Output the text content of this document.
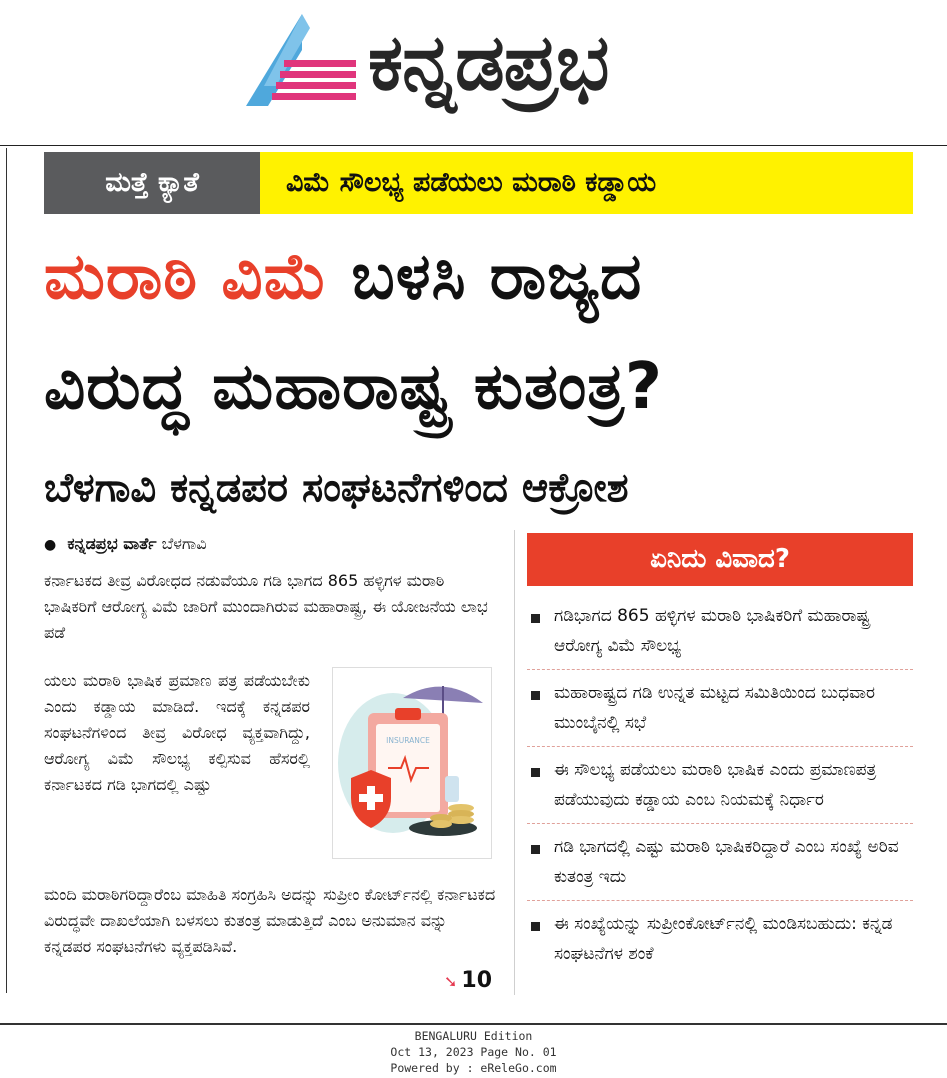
ಕನ್ನಡಪ್ರಭ
ಮತ್ತೆ ಕ್ಯಾತೆ	ವಿಮೆ ಸೌಲಭ್ಯ ಪಡೆಯಲು ಮರಾಠಿ ಕಡ್ಡಾಯ
ಮರಾಠಿ ವಿಮೆ ಬಳಸಿ ರಾಜ್ಯದ
ವಿರುದ್ಧ ಮಹಾರಾಷ್ಟ್ರ ಕುತಂತ್ರ?
ಬೆಳಗಾವಿ ಕನ್ನಡಪರ ಸಂಘಟನೆಗಳಿಂದ ಆಕ್ರೋಶ
● ಕನ್ನಡಪ್ರಭ ವಾರ್ತೆ ಬೆಳಗಾವಿ
ಕರ್ನಾಟಕದ ತೀವ್ರ ವಿರೋಧದ ನಡುವೆಯೂ ಗಡಿ ಭಾಗದ 865 ಹಳ್ಳಿಗಳ ಮರಾಠಿ ಭಾಷಿಕರಿಗೆ ಆರೋಗ್ಯ ವಿಮೆ ಜಾರಿಗೆ ಮುಂದಾಗಿರುವ ಮಹಾರಾಷ್ಟ್ರ, ಈ ಯೋಜನೆಯ ಲಾಭ ಪಡೆ
ಯಲು ಮರಾಠಿ ಭಾಷಿಕ ಪ್ರಮಾಣ ಪತ್ರ ಪಡೆಯಬೇಕು ಎಂದು ಕಡ್ಡಾಯ ಮಾಡಿದೆ. ಇದಕ್ಕೆ ಕನ್ನಡಪರ ಸಂಘಟನೆಗಳಿಂದ ತೀವ್ರ ವಿರೋಧ ವ್ಯಕ್ತವಾಗಿದ್ದು, ಆರೋಗ್ಯ ವಿಮೆ ಸೌಲಭ್ಯ ಕಲ್ಪಿಸುವ ಹೆಸರಲ್ಲಿ ಕರ್ನಾಟಕದ ಗಡಿ ಭಾಗದಲ್ಲಿ ಎಷ್ಟು
ಮಂದಿ ಮರಾಠಿಗರಿದ್ದಾರೆಂಬ ಮಾಹಿತಿ ಸಂಗ್ರಹಿಸಿ ಅದನ್ನು ಸುಪ್ರೀಂ ಕೋರ್ಟ್‌ನಲ್ಲಿ ಕರ್ನಾಟಕದ ವಿರುದ್ಧವೇ ದಾಖಲೆಯಾಗಿ ಬಳಸಲು ಕುತಂತ್ರ ಮಾಡುತ್ತಿದೆ ಎಂಬ ಅನುಮಾನ ವನ್ನು ಕನ್ನಡಪರ ಸಂಘಟನೆಗಳು ವ್ಯಕ್ತಪಡಿಸಿವೆ.
INSURANCE
➘ 10
ಏನಿದು ವಿವಾದ?
ಗಡಿಭಾಗದ 865 ಹಳ್ಳಿಗಳ ಮರಾಠಿ ಭಾಷಿಕರಿಗೆ ಮಹಾರಾಷ್ಟ್ರ ಆರೋಗ್ಯ ವಿಮೆ ಸೌಲಭ್ಯ
ಮಹಾರಾಷ್ಟ್ರದ ಗಡಿ ಉನ್ನತ ಮಟ್ಟದ ಸಮಿತಿಯಿಂದ ಬುಧವಾರ ಮುಂಬೈನಲ್ಲಿ ಸಭೆ
ಈ ಸೌಲಭ್ಯ ಪಡೆಯಲು ಮರಾಠಿ ಭಾಷಿಕ ಎಂದು ಪ್ರಮಾಣಪತ್ರ ಪಡೆಯುವುದು ಕಡ್ಡಾಯ ಎಂಬ ನಿಯಮಕ್ಕೆ ನಿರ್ಧಾರ
ಗಡಿ ಭಾಗದಲ್ಲಿ ಎಷ್ಟು ಮರಾಠಿ ಭಾಷಿಕರಿದ್ದಾರೆ ಎಂಬ ಸಂಖ್ಯೆ ಅರಿವ ಕುತಂತ್ರ ಇದು
ಈ ಸಂಖ್ಯೆಯನ್ನು ಸುಪ್ರೀಂಕೋರ್ಟ್‌ನಲ್ಲಿ ಮಂಡಿಸಬಹುದು: ಕನ್ನಡ ಸಂಘಟನೆಗಳ ಶಂಕೆ
BENGALURU Edition
Oct 13, 2023 Page No. 01
Powered by : eReleGo.com
